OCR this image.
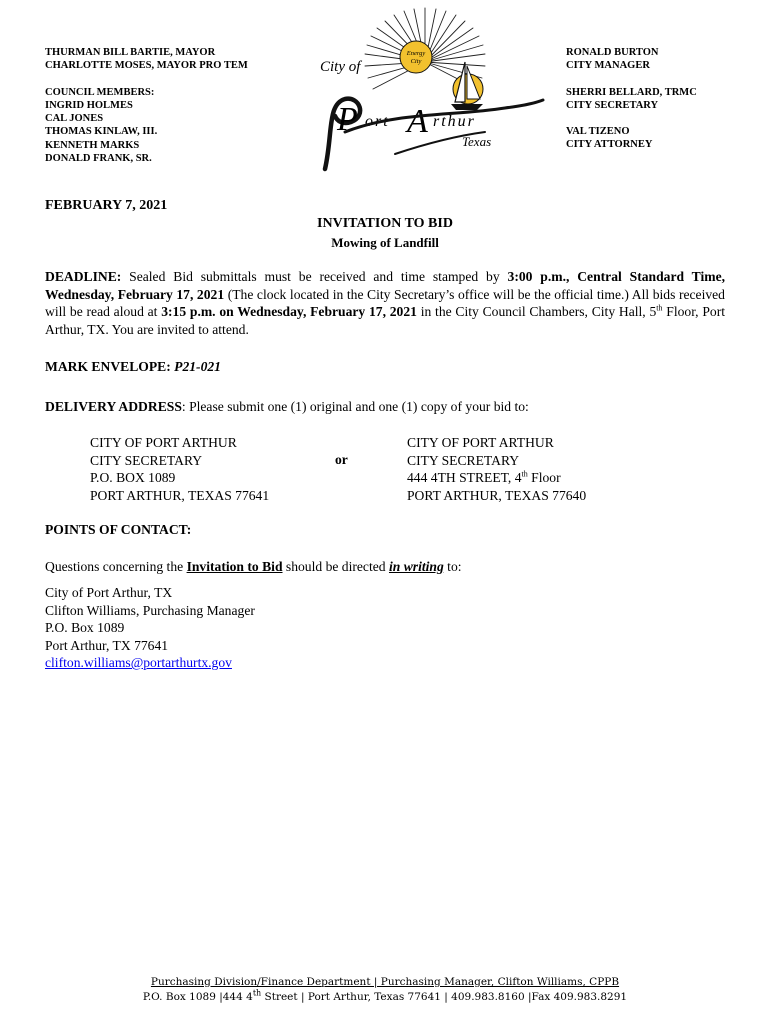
THURMAN BILL BARTIE, MAYOR
CHARLOTTE MOSES, MAYOR PRO TEM
COUNCIL MEMBERS:
INGRID HOLMES
CAL JONES
THOMAS KINLAW, III.
KENNETH MARKS
DONALD FRANK, SR.
Energy
City
City of
P ort A rthur
Texas
RONALD BURTON
CITY MANAGER
SHERRI BELLARD, TRMC
CITY SECRETARY
VAL TIZENO
CITY ATTORNEY
FEBRUARY 7, 2021
INVITATION TO BID
Mowing of Landfill
DEADLINE: Sealed Bid submittals must be received and time stamped by 3:00 p.m., Central Standard Time, Wednesday, February 17, 2021 (The clock located in the City Secretary’s office will be the official time.) All bids received will be read aloud at 3:15 p.m. on Wednesday, February 17, 2021 in the City Council Chambers, City Hall, 5th Floor, Port Arthur, TX. You are invited to attend.
MARK ENVELOPE: P21-021
DELIVERY ADDRESS: Please submit one (1) original and one (1) copy of your bid to:
CITY OF PORT ARTHUR
CITY SECRETARY
P.O. BOX 1089
PORT ARTHUR, TEXAS 77641
or
CITY OF PORT ARTHUR
CITY SECRETARY
444 4TH STREET, 4th Floor
PORT ARTHUR, TEXAS 77640
POINTS OF CONTACT:
Questions concerning the Invitation to Bid should be directed in writing to:
City of Port Arthur, TX
Clifton Williams, Purchasing Manager
P.O. Box 1089
Port Arthur, TX 77641
clifton.williams@portarthurtx.gov
Purchasing Division/Finance Department | Purchasing Manager, Clifton Williams, CPPB
P.O. Box 1089 |444 4th Street | Port Arthur, Texas 77641 | 409.983.8160 |Fax 409.983.8291
